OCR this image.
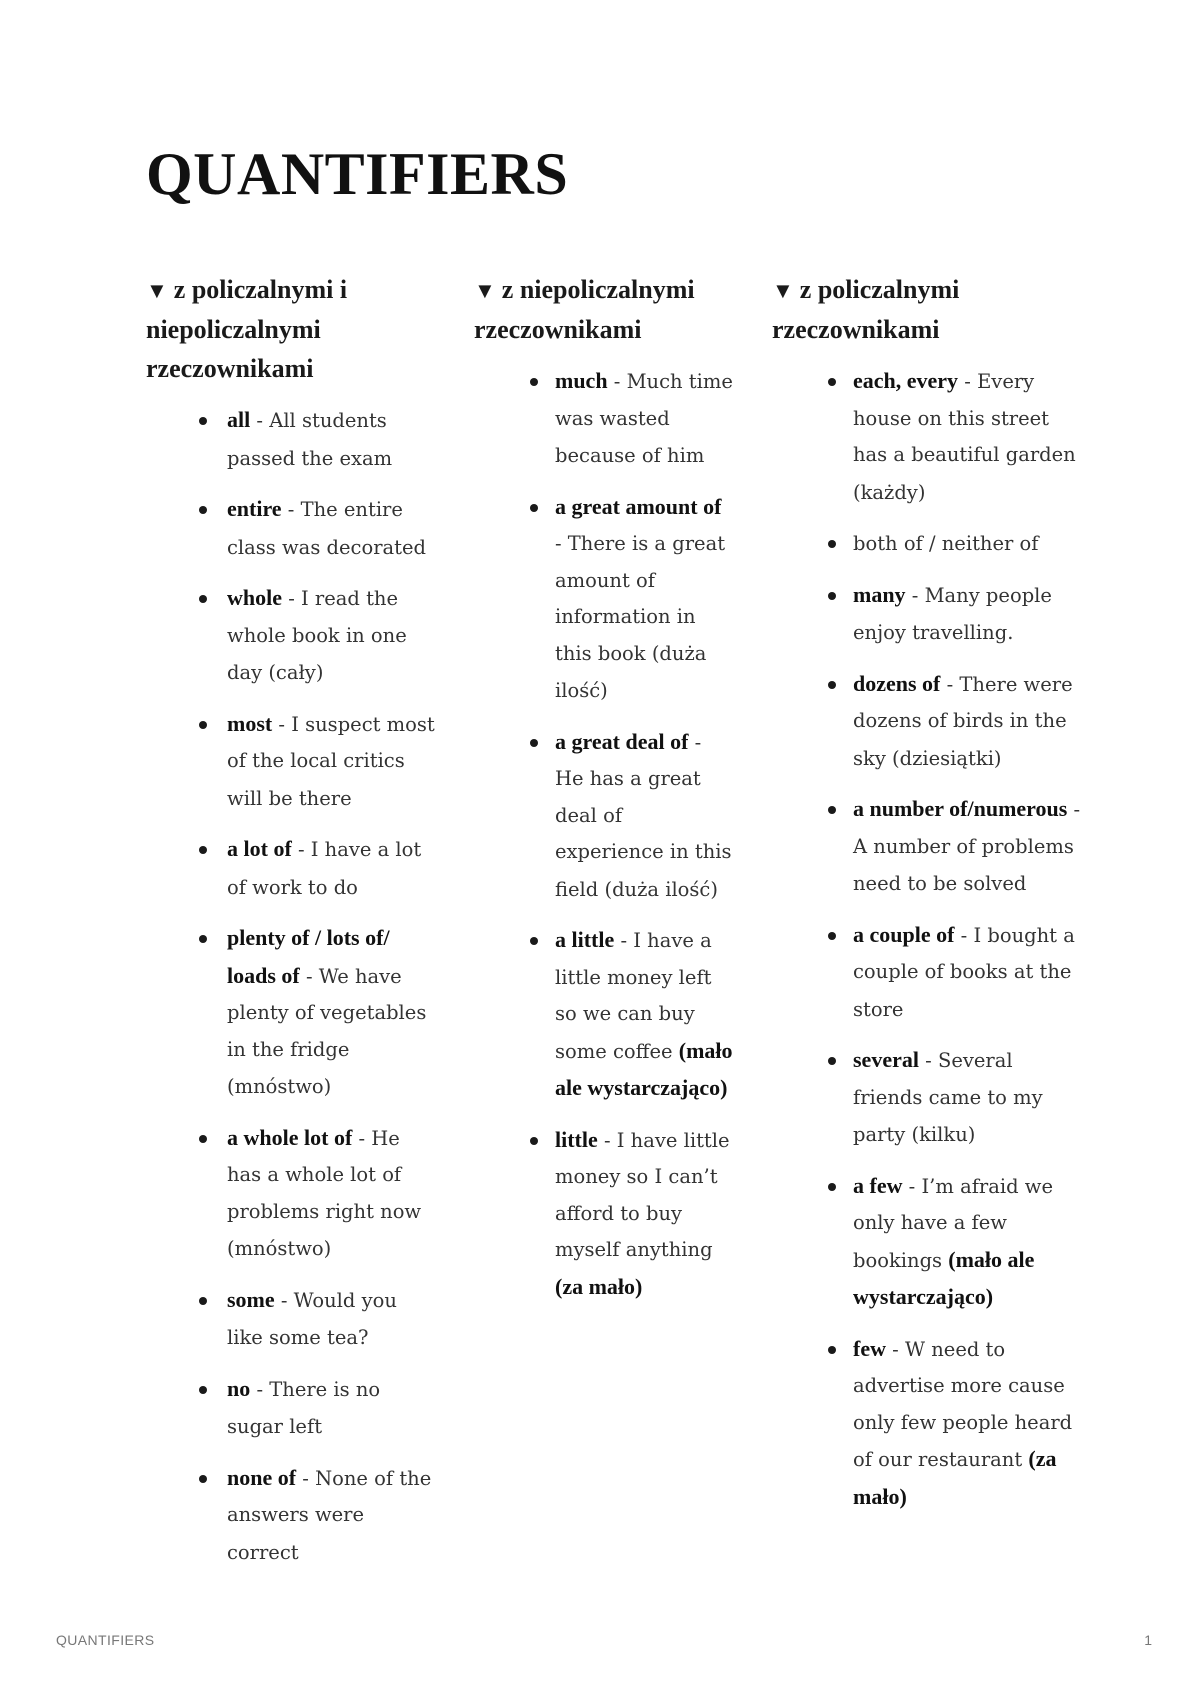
QUANTIFIERS
▼ z policzalnymi i niepoliczalnymi rzeczownikami
all - All students passed the exam
entire - The entire class was decorated
whole - I read the whole book in one day (cały)
most - I suspect most of the local critics will be there
a lot of - I have a lot of work to do
plenty of / lots of/ loads of - We have plenty of vegetables in the fridge (mnóstwo)
a whole lot of - He has a whole lot of problems right now (mnóstwo)
some - Would you like some tea?
no - There is no sugar left
none of - None of the answers were correct
▼ z niepoliczalnymi rzeczownikami
much - Much time was wasted because of him
a great amount of - There is a great amount of information in this book (duża ilość)
a great deal of - He has a great deal of experience in this field (duża ilość)
a little - I have a little money left so we can buy some coffee (mało ale wystarczająco)
little - I have little money so I can’t afford to buy myself anything (za mało)
▼ z policzalnymi rzeczownikami
each, every - Every house on this street has a beautiful garden (każdy)
both of / neither of
many - Many people enjoy travelling.
dozens of - There were dozens of birds in the sky (dziesiątki)
a number of/numerous - A number of problems need to be solved
a couple of - I bought a couple of books at the store
several - Several friends came to my party (kilku)
a few - I’m afraid we only have a few bookings (mało ale wystarczająco)
few - W need to advertise more cause only few people heard of our restaurant (za mało)
QUANTIFIERS	1
